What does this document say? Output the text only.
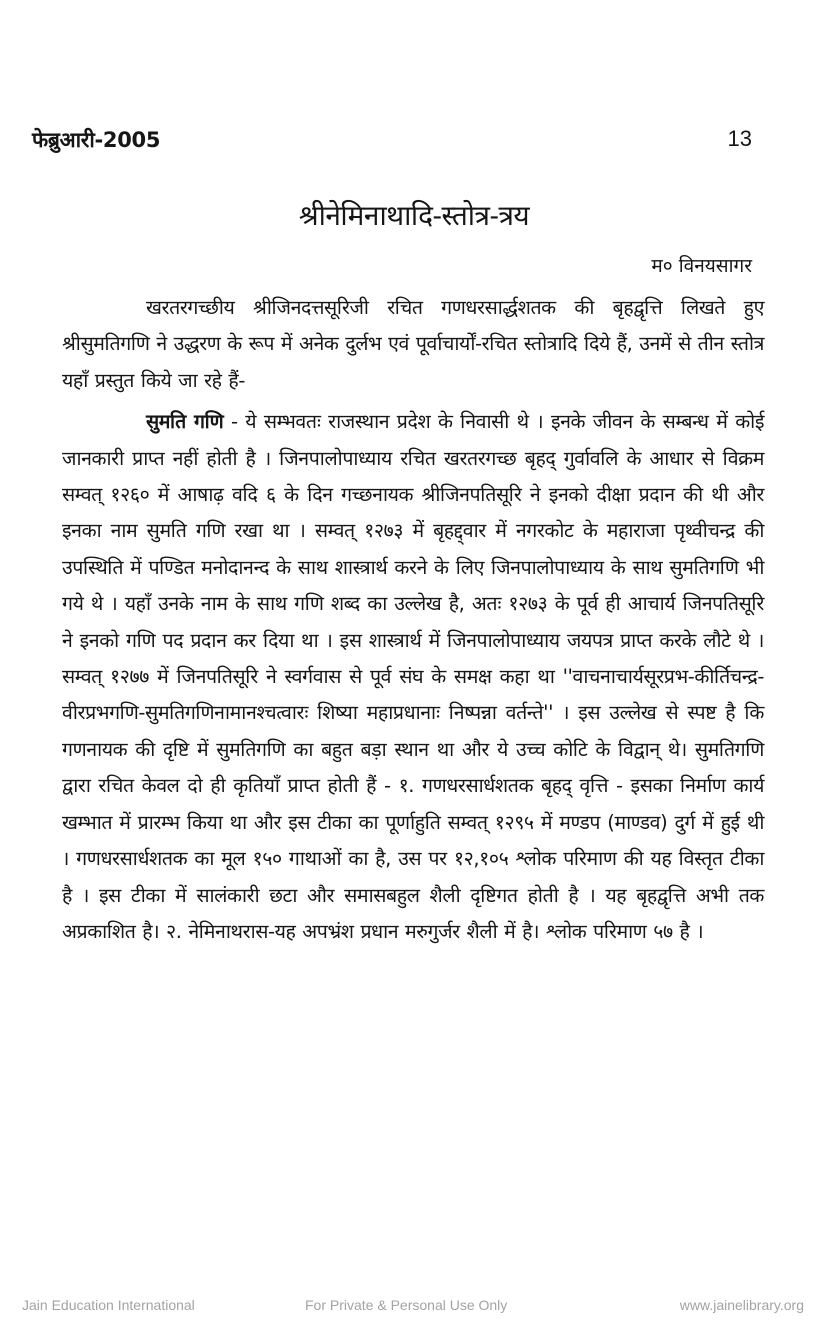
फेब्रुआरी-2005	13
श्रीनेमिनाथादि-स्तोत्र-त्रय
म० विनयसागर

खरतरगच्छीय श्रीजिनदत्तसूरिजी रचित गणधरसार्द्धशतक की बृहद्वृत्ति लिखते हुए श्रीसुमतिगणि ने उद्धरण के रूप में अनेक दुर्लभ एवं पूर्वाचार्यों-रचित स्तोत्रादि दिये हैं, उनमें से तीन स्तोत्र यहाँ प्रस्तुत किये जा रहे हैं-

सुमति गणि - ये सम्भवतः राजस्थान प्रदेश के निवासी थे । इनके जीवन के सम्बन्ध में कोई जानकारी प्राप्त नहीं होती है । जिनपालोपाध्याय रचित खरतरगच्छ बृहद् गुर्वावलि के आधार से विक्रम सम्वत् १२६० में आषाढ़ वदि ६ के दिन गच्छनायक श्रीजिनपतिसूरि ने इनको दीक्षा प्रदान की थी और इनका नाम सुमति गणि रखा था । सम्वत् १२७३ में बृहद्द्वार में नगरकोट के महाराजा पृथ्वीचन्द्र की उपस्थिति में पण्डित मनोदानन्द के साथ शास्त्रार्थ करने के लिए जिनपालोपाध्याय के साथ सुमतिगणि भी गये थे । यहाँ उनके नाम के साथ गणि शब्द का उल्लेख है, अतः १२७३ के पूर्व ही आचार्य जिनपतिसूरि ने इनको गणि पद प्रदान कर दिया था । इस शास्त्रार्थ में जिनपालोपाध्याय जयपत्र प्राप्त करके लौटे थे । सम्वत् १२७७ में जिनपतिसूरि ने स्वर्गवास से पूर्व संघ के समक्ष कहा था ''वाचनाचार्यसूरप्रभ-कीर्तिचन्द्र-वीरप्रभगणि-सुमतिगणिनामानश्चत्वारः शिष्या महाप्रधानाः निष्पन्ना वर्तन्ते'' । इस उल्लेख से स्पष्ट है कि गणनायक की दृष्टि में सुमतिगणि का बहुत बड़ा स्थान था और ये उच्च कोटि के विद्वान् थे। सुमतिगणि द्वारा रचित केवल दो ही कृतियाँ प्राप्त होती हैं - १. गणधरसार्धशतक बृहद् वृत्ति - इसका निर्माण कार्य खम्भात में प्रारम्भ किया था और इस टीका का पूर्णाहुति सम्वत् १२९५ में मण्डप (माण्डव) दुर्ग में हुई थी । गणधरसार्धशतक का मूल १५० गाथाओं का है, उस पर १२,१०५ श्लोक परिमाण की यह विस्तृत टीका है । इस टीका में सालंकारी छटा और समासबहुल शैली दृष्टिगत होती है । यह बृहद्वृत्ति अभी तक अप्रकाशित है। २. नेमिनाथरास-यह अपभ्रंश प्रधान मरुगुर्जर शैली में है। श्लोक परिमाण ५७ है ।

Jain Education International	For Private & Personal Use Only	www.jainelibrary.org
